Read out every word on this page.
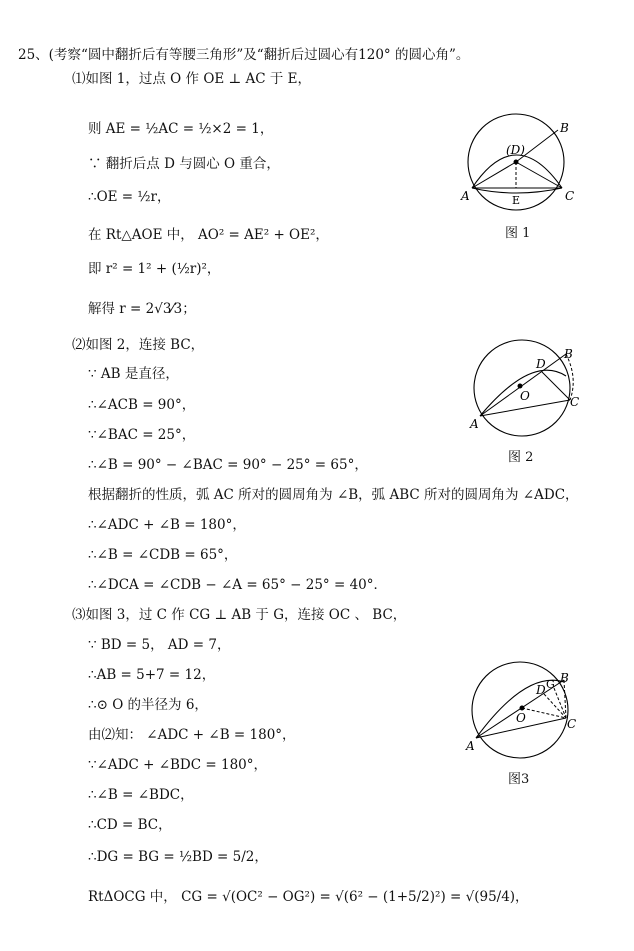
25、(考察“圆中翻折后有等腰三角形”及“翻折后过圆心有120° 的圆心角”。
⑴如图 1，过点 O 作 OE ⊥ AC 于 E，
则 AE = ½AC = ½×2 = 1，
∵ 翻折后点 D 与圆心 O 重合，
∴OE = ½r，
在 Rt△AOE 中， AO² = AE² + OE²，
即 r² = 1² + (½r)²，
解得 r = 2√3⁄3；
A
B
C
(D)
E
图 1
⑵如图 2，连接 BC，
∵ AB 是直径，
∴∠ACB = 90°，
∵∠BAC = 25°，
∴∠B = 90° − ∠BAC = 90° − 25° = 65°，
根据翻折的性质，弧 AC 所对的圆周角为 ∠B，弧 ABC 所对的圆周角为 ∠ADC，
∴∠ADC + ∠B = 180°，
∴∠B = ∠CDB = 65°，
∴∠DCA = ∠CDB − ∠A = 65° − 25° = 40°．
A
B
C
D
O
图 2
⑶如图 3，过 C 作 CG ⊥ AB 于 G，连接 OC 、 BC，
∵ BD = 5， AD = 7，
∴AB = 5+7 = 12，
∴⊙ O 的半径为 6，
由⑵知： ∠ADC + ∠B = 180°，
∵∠ADC + ∠BDC = 180°，
∴∠B = ∠BDC，
∴CD = BC，
∴DG = BG = ½BD = 5/2，
RtΔOCG 中， CG = √(OC² − OG²) = √(6² − (1+5/2)²) = √(95/4)，
A
B
C
D G
O
图3
